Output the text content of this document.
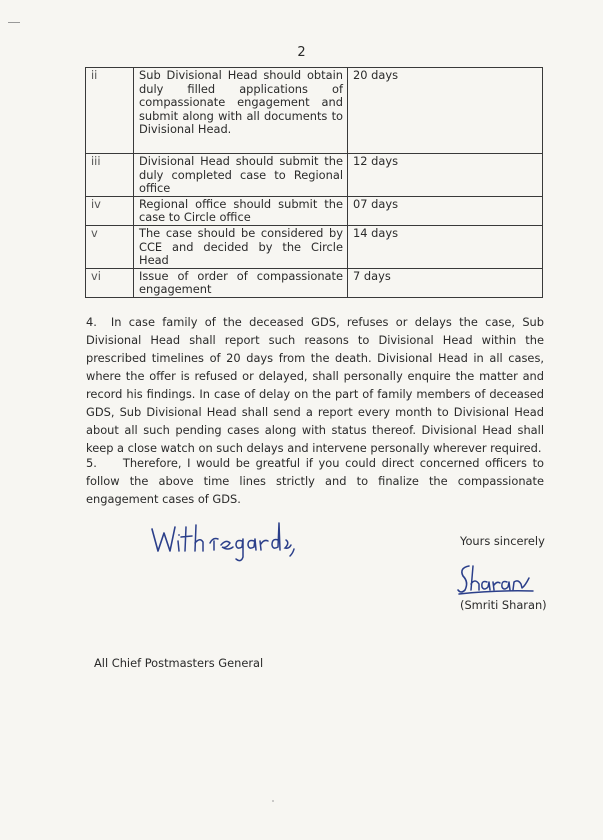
2
ii	Sub Divisional Head should obtain duly filled applications of compassionate engagement and submit along with all documents to Divisional Head.	20 days
iii	Divisional Head should submit the duly completed case to Regional office	12 days
iv	Regional office should submit the case to Circle office	07 days
v	The case should be considered by CCE and decided by the Circle Head	14 days
vi	Issue of order of compassionate engagement	7 days
4. In case family of the deceased GDS, refuses or delays the case, Sub Divisional Head shall report such reasons to Divisional Head within the prescribed timelines of 20 days from the death. Divisional Head in all cases, where the offer is refused or delayed, shall personally enquire the matter and record his findings. In case of delay on the part of family members of deceased GDS, Sub Divisional Head shall send a report every month to Divisional Head about all such pending cases along with status thereof. Divisional Head shall keep a close watch on such delays and intervene personally wherever required.
5. Therefore, I would be greatful if you could direct concerned officers to follow the above time lines strictly and to finalize the compassionate engagement cases of GDS.
Yours sincerely
(Smriti Sharan)
All Chief Postmasters General
